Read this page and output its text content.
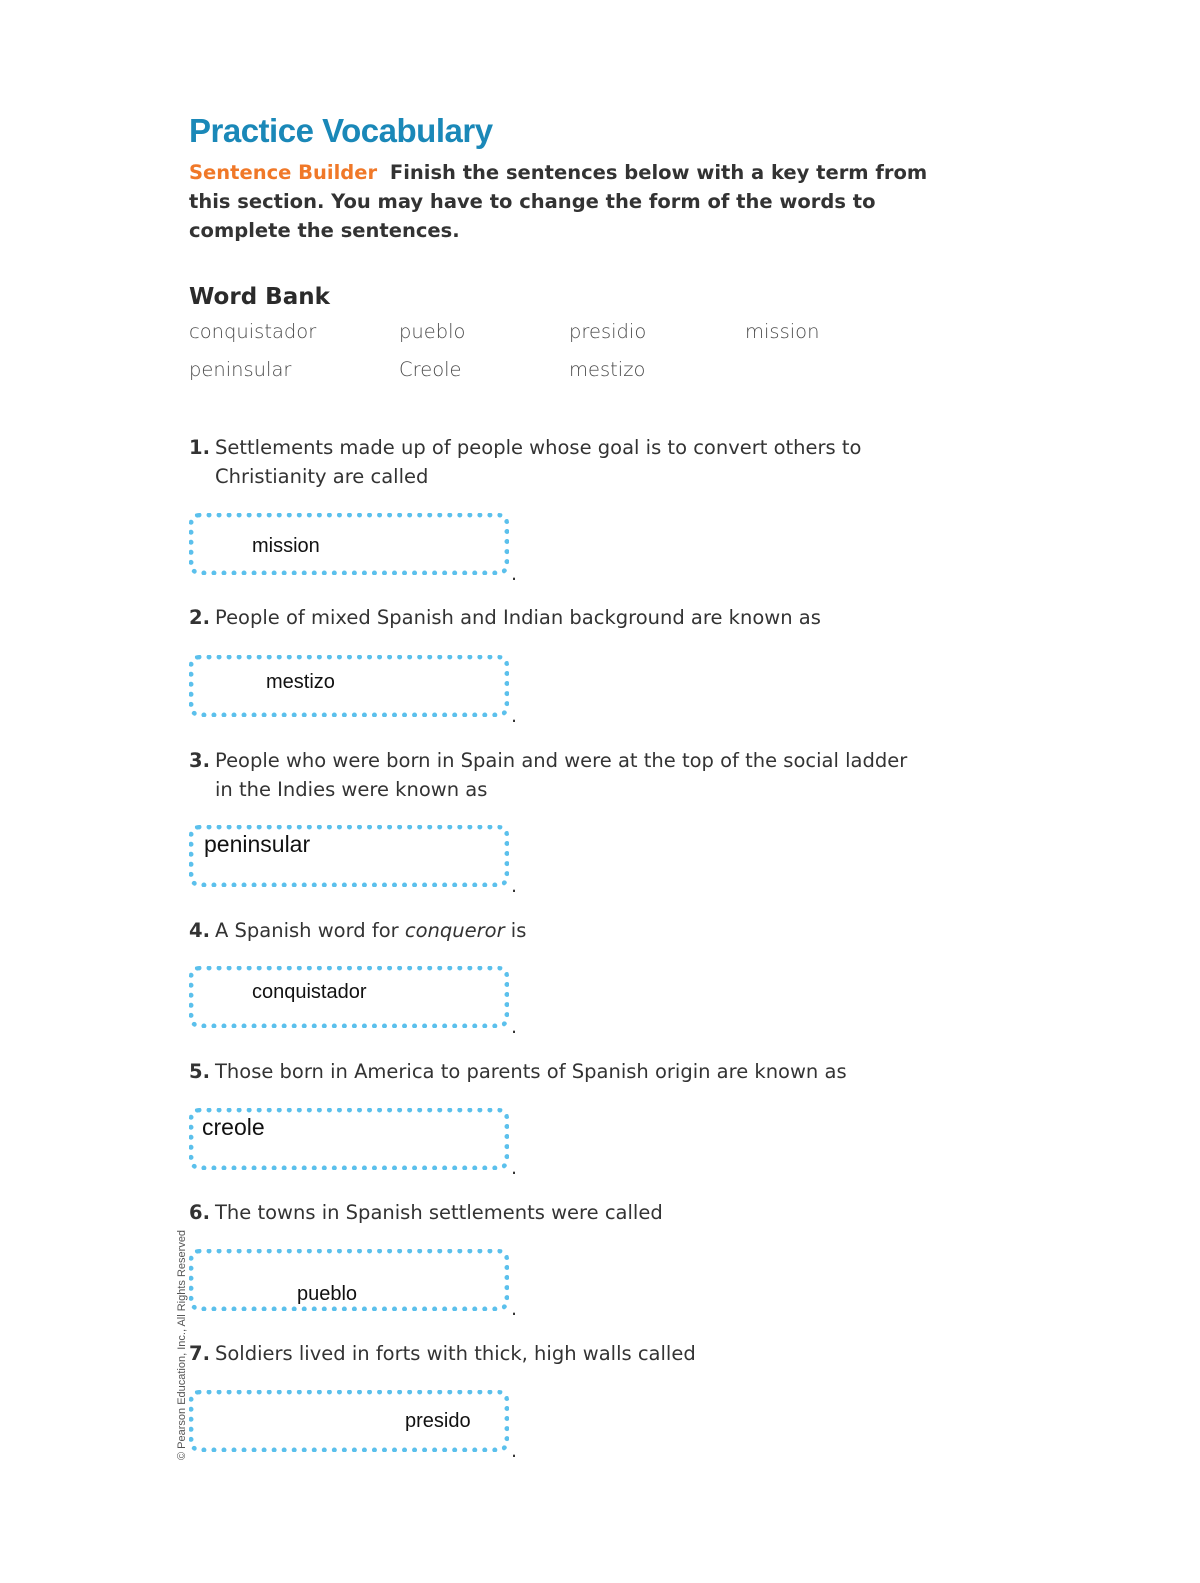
Practice Vocabulary
Sentence Builder Finish the sentences below with a key term from this section. You may have to change the form of the words to complete the sentences.
Word Bank
conquistador	pueblo	presidio	mission
peninsular	Creole	mestizo
1. Settlements made up of people whose goal is to convert others to
Christianity are called
mission
.
2. People of mixed Spanish and Indian background are known as
mestizo
.
3. People who were born in Spain and were at the top of the social ladder
in the Indies were known as
peninsular
.
4. A Spanish word for conqueror is
conquistador
.
5. Those born in America to parents of Spanish origin are known as
creole
.
6. The towns in Spanish settlements were called
pueblo
.
7. Soldiers lived in forts with thick, high walls called
presido
.
© Pearson Education, Inc., All Rights Reserved
